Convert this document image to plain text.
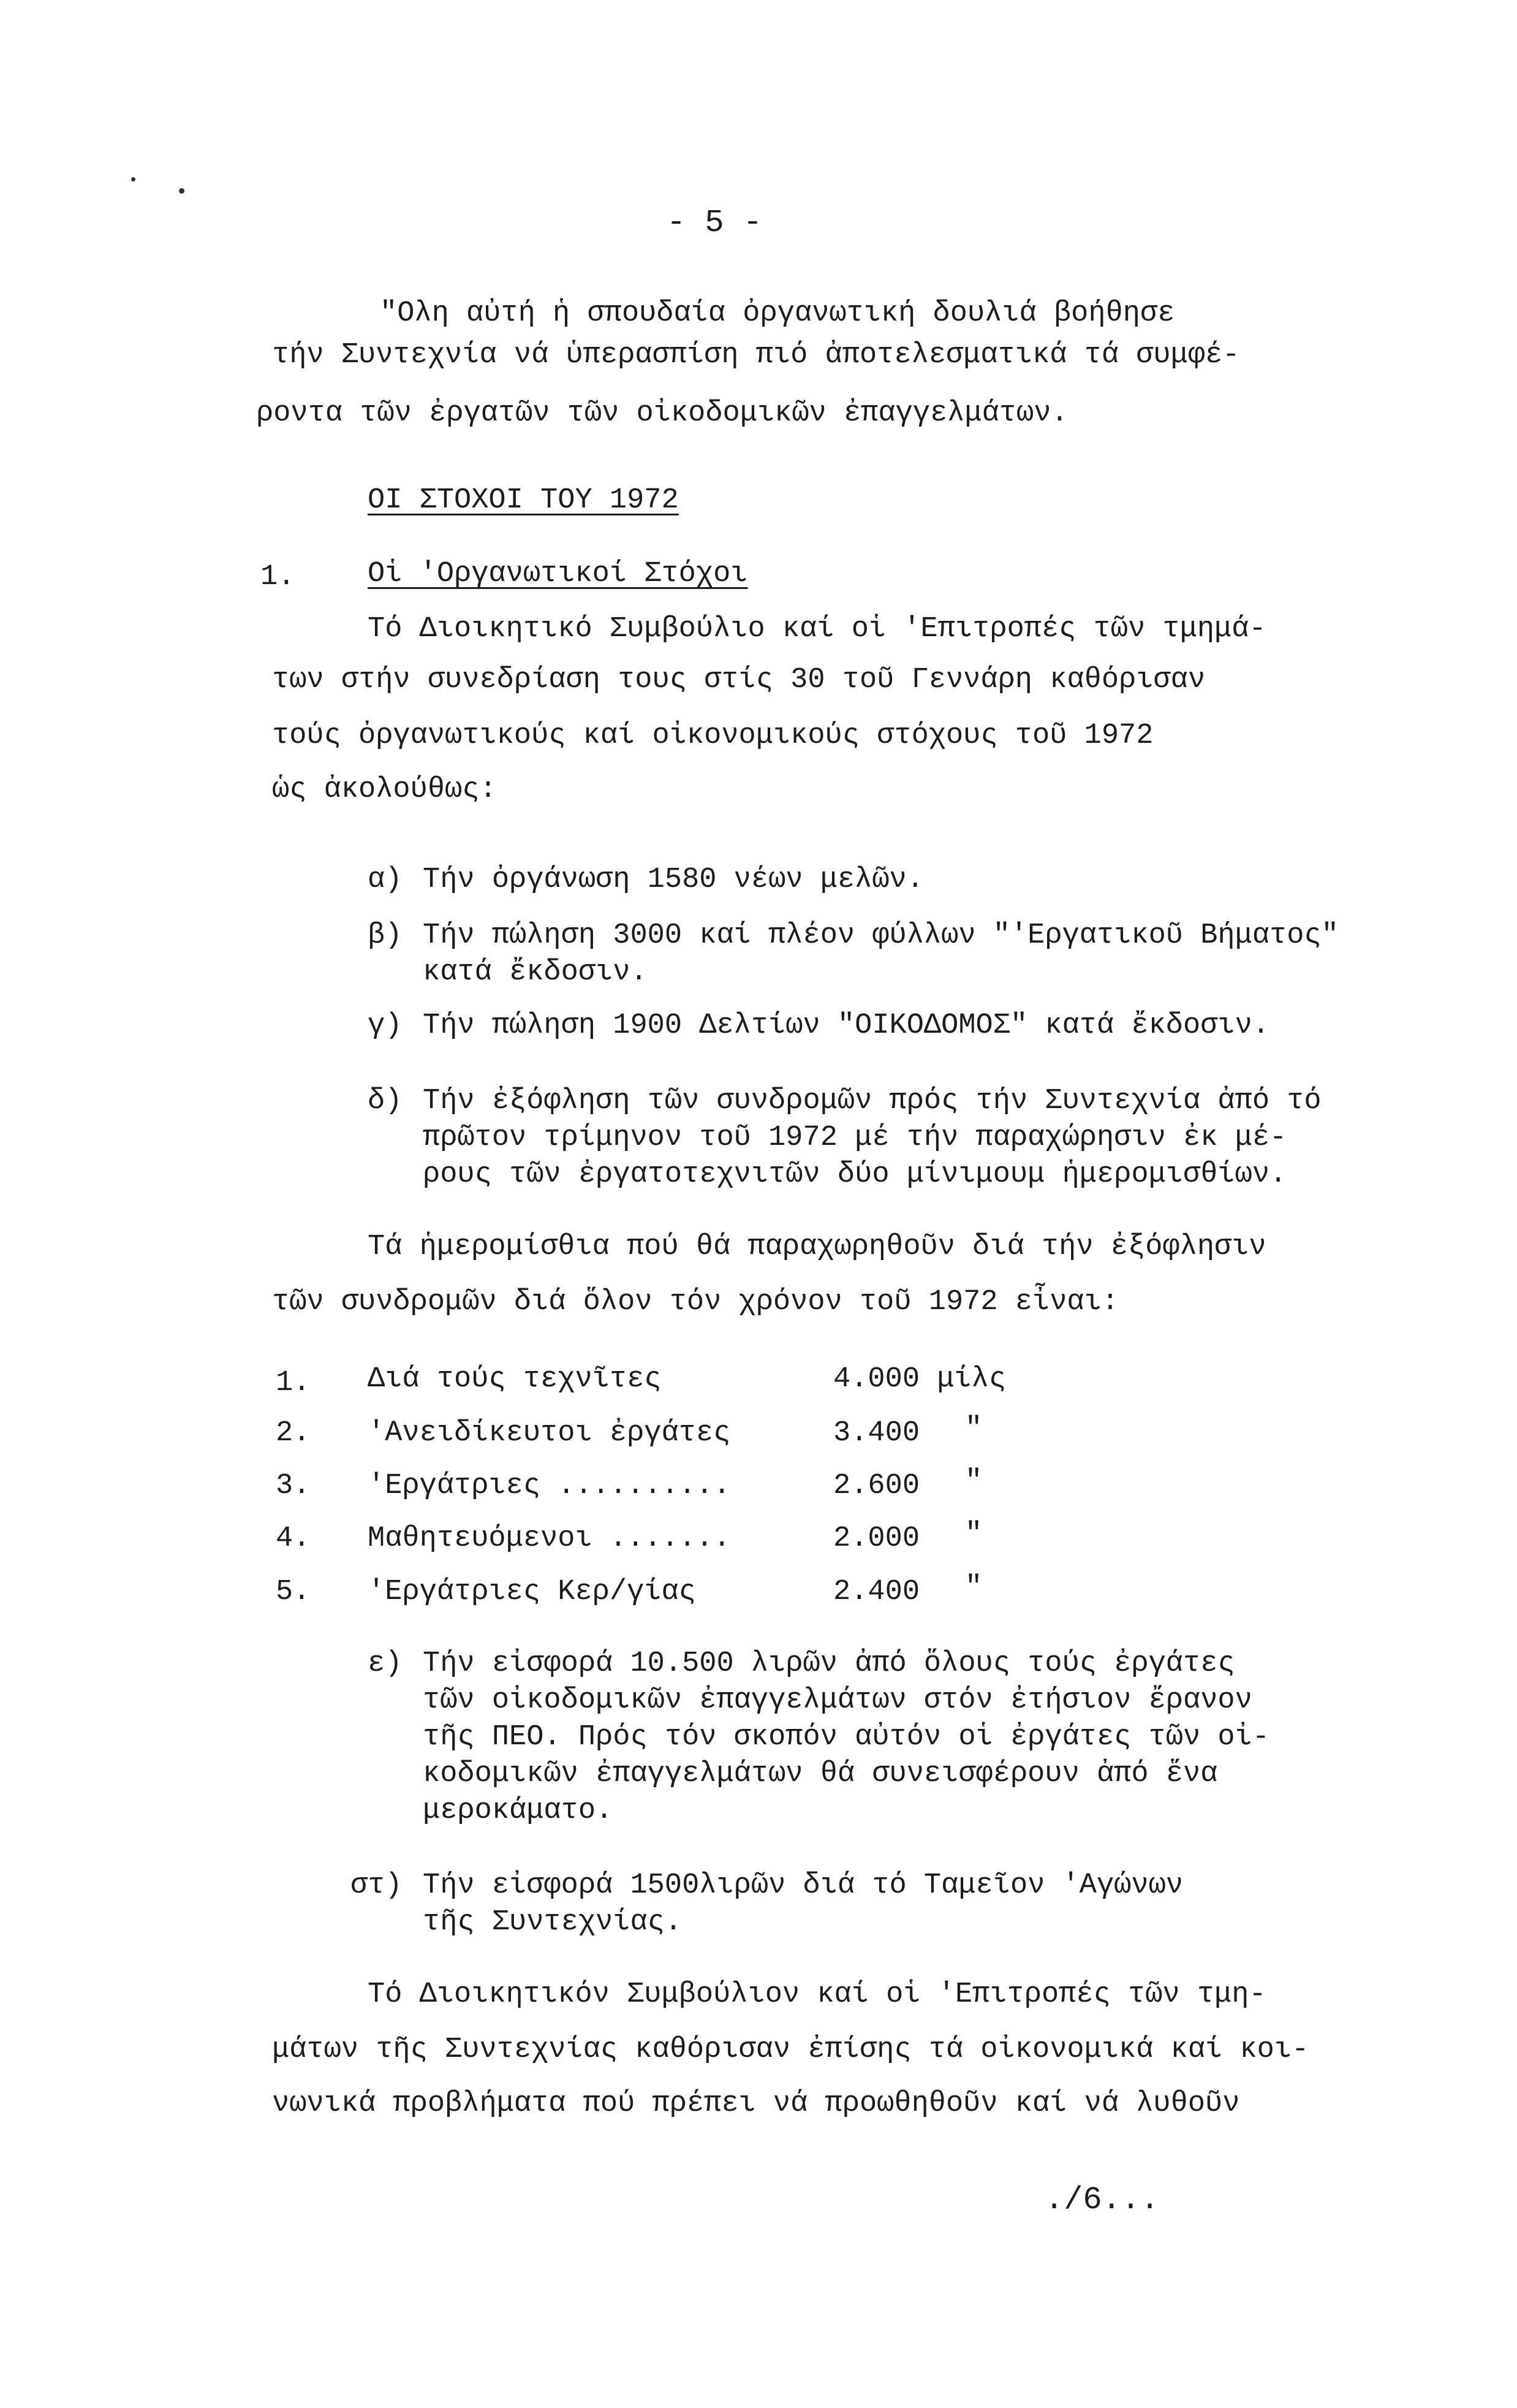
- 5 -
"Ολη αὐτή ἡ σπουδαία ὀργανωτική δουλιά βοήθησε
τήν Συντεχνία νά ὑπερασπίση πιό ἀποτελεσματικά τά συμφέ-
ροντα τῶν ἐργατῶν τῶν οἰκοδομικῶν ἐπαγγελμάτων.
ΟΙ ΣΤΟΧΟΙ ΤΟΥ 1972
1.	Οἱ 'Οργανωτικοί Στόχοι
Τό Διοικητικό Συμβούλιο καί οἱ 'Επιτροπές τῶν τμημά-
των στήν συνεδρίαση τους στίς 30 τοῦ Γεννάρη καθόρισαν
τούς ὀργανωτικούς καί οἰκονομικούς στόχους τοῦ 1972
ὡς ἀκολούθως:
α) Τήν ὀργάνωση 1580 νέων μελῶν.
β) Τήν πώληση 3000 καί πλέον φύλλων "'Εργατικοῦ Βήματος"
κατά ἔκδοσιν.
γ) Τήν πώληση 1900 Δελτίων "ΟΙΚΟΔΟΜΟΣ" κατά ἔκδοσιν.
δ) Τήν ἐξόφληση τῶν συνδρομῶν πρός τήν Συντεχνία ἀπό τό
πρῶτον τρίμηνον τοῦ 1972 μέ τήν παραχώρησιν ἐκ μέ-
ρους τῶν ἐργατοτεχνιτῶν δύο μίνιμουμ ἡμερομισθίων.
Τά ἡμερομίσθια πού θά παραχωρηθοῦν διά τήν ἐξόφλησιν
τῶν συνδρομῶν διά ὅλον τόν χρόνον τοῦ 1972 εἶναι:
1. Διά τούς τεχνῖτες	4.000 μίλς
2. 'Ανειδίκευτοι ἐργάτες	3.400 "
3. 'Εργάτριες ..........	2.600 "
4. Μαθητευόμενοι .......	2.000 "
5. 'Εργάτριες Κερ/γίας	2.400 "
ε) Τήν εἰσφορά 10.500 λιρῶν ἀπό ὅλους τούς ἐργάτες
τῶν οἰκοδομικῶν ἐπαγγελμάτων στόν ἐτήσιον ἔρανον
τῆς ΠΕΟ. Πρός τόν σκοπόν αὐτόν οἱ ἐργάτες τῶν οἰ-
κοδομικῶν ἐπαγγελμάτων θά συνεισφέρουν ἀπό ἕνα
μεροκάματο.
στ) Τήν εἰσφορά 1500λιρῶν διά τό Ταμεῖον 'Αγώνων
τῆς Συντεχνίας.
Τό Διοικητικόν Συμβούλιον καί οἱ 'Επιτροπές τῶν τμη-
μάτων τῆς Συντεχνίας καθόρισαν ἐπίσης τά οἰκονομικά καί κοι-
νωνικά προβλήματα πού πρέπει νά προωθηθοῦν καί νά λυθοῦν
./6...
